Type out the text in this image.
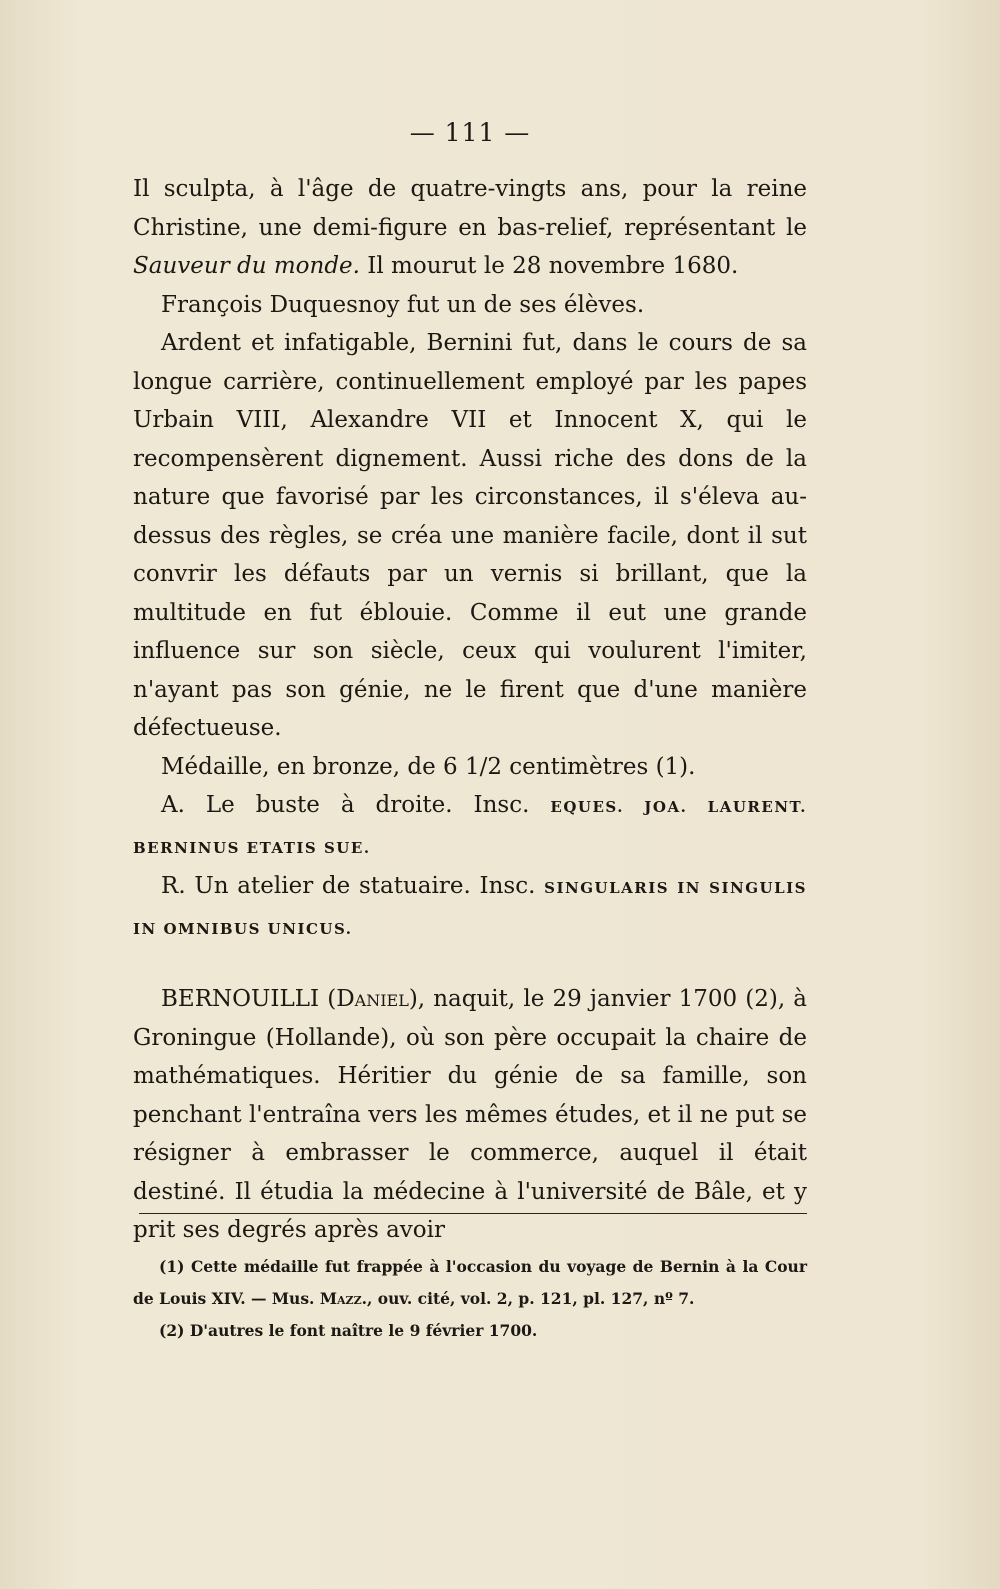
— 111 —

Il sculpta, à l'âge de quatre-vingts ans, pour la reine Christine, une demi-figure en bas-relief, représentant le Sauveur du monde. Il mourut le 28 novembre 1680.

François Duquesnoy fut un de ses élèves.

Ardent et infatigable, Bernini fut, dans le cours de sa longue carrière, continuellement employé par les papes Urbain VIII, Alexandre VII et Innocent X, qui le recompensèrent dignement. Aussi riche des dons de la nature que favorisé par les circonstances, il s'éleva au-dessus des règles, se créa une manière facile, dont il sut convrir les défauts par un vernis si brillant, que la multitude en fut éblouie. Comme il eut une grande influence sur son siècle, ceux qui voulurent l'imiter, n'ayant pas son génie, ne le firent que d'une manière défectueuse.

Médaille, en bronze, de 6 1/2 centimètres (1).

A. Le buste à droite. Insc. EQUES. JOA. LAURENT. BERNINUS ETATIS SUE.

R. Un atelier de statuaire. Insc. SINGULARIS IN SINGULIS IN OMNIBUS UNICUS.

BERNOUILLI (Daniel), naquit, le 29 janvier 1700 (2), à Groningue (Hollande), où son père occupait la chaire de mathématiques. Héritier du génie de sa famille, son penchant l'entraîna vers les mêmes études, et il ne put se résigner à embrasser le commerce, auquel il était destiné. Il étudia la médecine à l'université de Bâle, et y prit ses degrés après avoir

(1) Cette médaille fut frappée à l'occasion du voyage de Bernin à la Cour de Louis XIV. — Mus. Mazz., ouv. cité, vol. 2, p. 121, pl. 127, nº 7.

(2) D'autres le font naître le 9 février 1700.
